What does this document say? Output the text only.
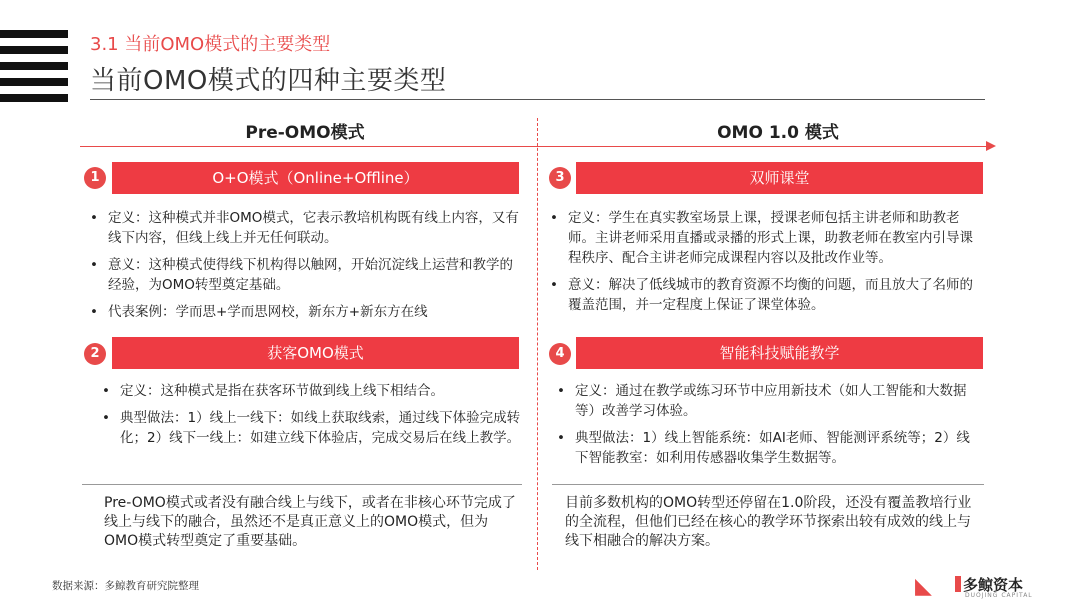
3.1 当前OMO模式的主要类型
当前OMO模式的四种主要类型
Pre-OMO模式	OMO 1.0 模式
1	O+O模式（Online+Offline）
• 定义：这种模式并非OMO模式，它表示教培机构既有线上内容，又有线下内容，但线上线上并无任何联动。
• 意义：这种模式使得线下机构得以触网，开始沉淀线上运营和教学的经验，为OMO转型奠定基础。
• 代表案例：学而思+学而思网校，新东方+新东方在线
2	获客OMO模式
• 定义：这种模式是指在获客环节做到线上线下相结合。
• 典型做法：1）线上一线下：如线上获取线索，通过线下体验完成转化；2）线下一线上：如建立线下体验店，完成交易后在线上教学。
3	双师课堂
• 定义：学生在真实教室场景上课，授课老师包括主讲老师和助教老师。主讲老师采用直播或录播的形式上课，助教老师在教室内引导课程秩序、配合主讲老师完成课程内容以及批改作业等。
• 意义：解决了低线城市的教育资源不均衡的问题，而且放大了名师的覆盖范围，并一定程度上保证了课堂体验。
4	智能科技赋能教学
• 定义：通过在教学或练习环节中应用新技术（如人工智能和大数据等）改善学习体验。
• 典型做法：1）线上智能系统：如AI老师、智能测评系统等；2）线下智能教室：如利用传感器收集学生数据等。
Pre-OMO模式或者没有融合线上与线下，或者在非核心环节完成了线上与线下的融合，虽然还不是真正意义上的OMO模式，但为OMO模式转型奠定了重要基础。
目前多数机构的OMO转型还停留在1.0阶段，还没有覆盖教培行业的全流程，但他们已经在核心的教学环节探索出较有成效的线上与线下相融合的解决方案。
数据来源：多鲸教育研究院整理	◣ 多鲸资本
DUOJING CAPITAL
